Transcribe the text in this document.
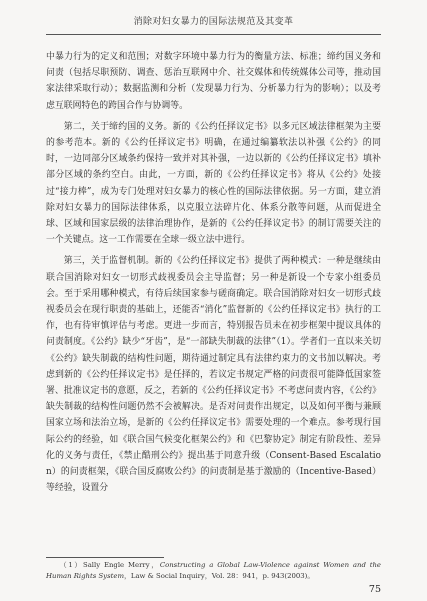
消除对妇女暴力的国际法规范及其变革

中暴力行为的定义和范围；对数字环境中暴力行为的衡量方法、标准；缔约国义务和问责（包括尽职预防、调查、惩治互联网中介、社交媒体和传统媒体公司等，推动国家法律采取行动）；数据监测和分析（发现暴力行为、分析暴力行为的影响）；以及考虑互联网特色的跨国合作与协调等。

第二，关于缔约国的义务。新的《公约任择议定书》以多元区域法律框架为主要的参考范本。新的《公约任择议定书》明确，在通过编纂软法以补强《公约》的同时，一边同部分区域条约保持一致并对其补强，一边以新的《公约任择议定书》填补部分区域的条约空白。由此，一方面，新的《公约任择议定书》将从《公约》处接过“接力棒”，成为专门处理对妇女暴力的核心性的国际法律依据。另一方面，建立消除对妇女暴力的国际法律体系，以克服立法碎片化、体系分散等问题，从而促进全球、区域和国家层级的法律治理协作，是新的《公约任择议定书》的制订需要关注的一个关键点。这一工作需要在全球一级立法中进行。

第三，关于监督机制。新的《公约任择议定书》提供了两种模式：一种是继续由联合国消除对妇女一切形式歧视委员会主导监督；另一种是新设一个专家小组委员会。至于采用哪种模式，有待后续国家参与磋商确定。联合国消除对妇女一切形式歧视委员会在现行职责的基础上，还能否“消化”监督新的《公约任择议定书》执行的工作，也有待审慎评估与考虑。更进一步而言，特别报告员未在初步框架中提议具体的问责制度。《公约》缺少“牙齿”，是“一部缺失制裁的法律”（1）。学者们一直以来关切《公约》缺失制裁的结构性问题，期待通过制定具有法律约束力的文书加以解决。考虑到新的《公约任择议定书》是任择的，若议定书规定严格的问责很可能降低国家签署、批准议定书的意愿，反之，若新的《公约任择议定书》不考虑问责内容，《公约》缺失制裁的结构性问题仍然不会被解决。是否对问责作出规定，以及如何平衡与兼顾国家立场和法治立场，是新的《公约任择议定书》需要处理的一个难点。参考现行国际公约的经验，如《联合国气候变化框架公约》和《巴黎协定》制定有阶段性、差异化的义务与责任，《禁止酷刑公约》提出基于同意升级（Consent-Based Escalation）的问责框架，《联合国反腐败公约》的问责制是基于激励的（Incentive-Based）等经验，设置分

（1）Sally Engle Merry，Constructing a Global Law-Violence against Women and the Human Rights System，Law & Social Inquiry，Vol. 28：941，p. 943(2003)。

75
